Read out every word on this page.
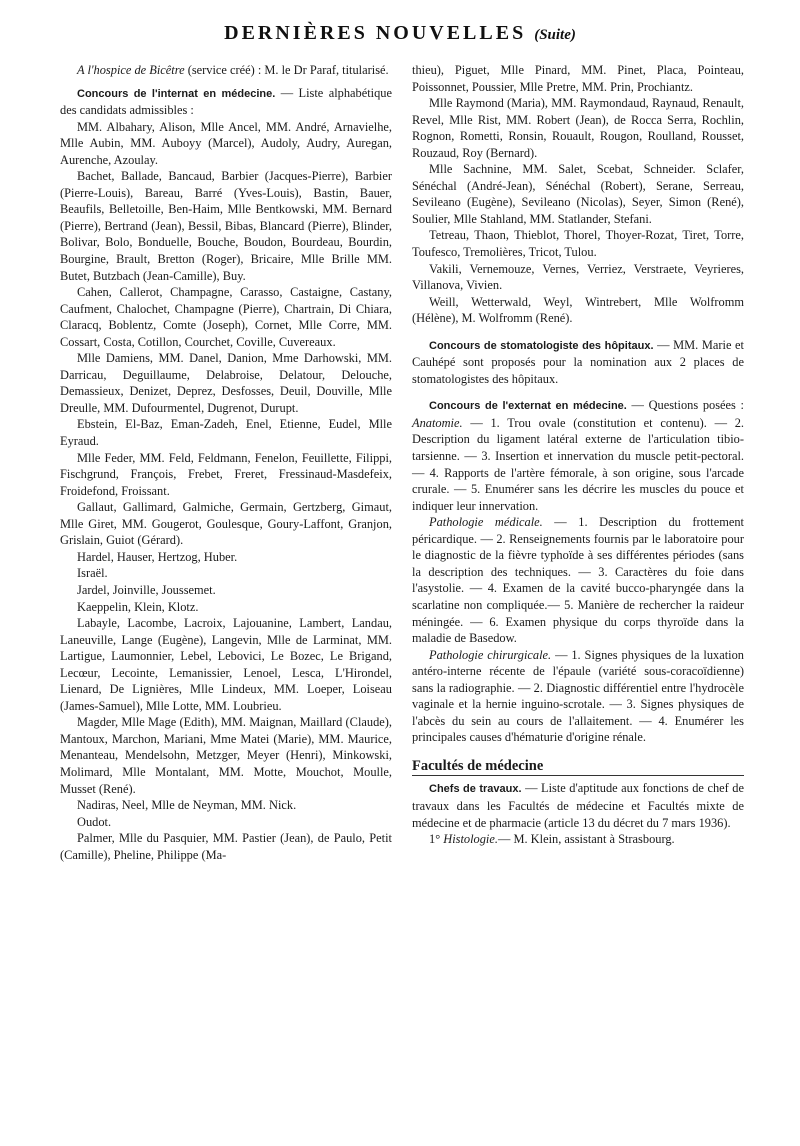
DERNIÈRES NOUVELLES (Suite)

A l'hospice de Bicêtre (service créé) : M. le Dr Paraf, titularisé.

Concours de l'internat en médecine. — Liste alphabétique des candidats admissibles :

MM. Albahary, Alison, Mlle Ancel, MM. André, Arnavielhe, Mlle Aubin, MM. Auboуy (Marcel), Audoly, Audry, Auregan, Aurenche, Azoulay.

Bachet, Ballade, Bancaud, Barbier (Jacques-Pierre), Barbier (Pierre-Louis), Bareau, Barré (Yves-Louis), Bastin, Bauer, Beaufils, Belletoille, Ben-Haim, Mlle Bentkowski, MM. Bernard (Pierre), Bertrand (Jean), Bessil, Bibas, Blancard (Pierre), Blinder, Bolivar, Bolo, Bonduelle, Bouche, Boudon, Bourdeau, Bourdin, Bourgine, Brault, Bretton (Roger), Bricaire, Mlle Brille MM. Butet, Butzbach (Jean-Camille), Buy.

Cahen, Callerot, Champagne, Carasso, Castaigne, Castany, Caufment, Chalochet, Champagne (Pierre), Chartrain, Di Chiara, Claracq, Boblentz, Comte (Joseph), Cornet, Mlle Corre, MM. Cossart, Costa, Cotillon, Courchet, Coville, Cuvereaux.

Mlle Damiens, MM. Danel, Danion, Mme Darhowski, MM. Darricau, Deguillaume, Delabroise, Delatour, Delouche, Demassieux, Denizet, Deprez, Desfosses, Deuil, Douville, Mlle Dreulle, MM. Dufourmentel, Dugrenot, Durupt.

Ebstein, El-Baz, Eman-Zadeh, Enel, Etienne, Eudel, Mlle Eyraud.

Mlle Feder, MM. Feld, Feldmann, Fenelon, Feuillette, Filippi, Fischgrund, François, Frebet, Freret, Fressinaud-Masdefeix, Froidefond, Froissant.

Gallaut, Gallimard, Galmiche, Germain, Gertzberg, Gimaut, Mlle Giret, MM. Gougerot, Goulesque, Goury-Laffont, Granjon, Grislain, Guiot (Gérard).

Hardel, Hauser, Hertzog, Huber.

Israël.

Jardel, Joinville, Joussemet.

Kaeppelin, Klein, Klotz.

Labayle, Lacombe, Lacroix, Lajouanine, Lambert, Landau, Laneuville, Lange (Eugène), Langevin, Mlle de Larminat, MM. Lartigue, Laumonnier, Lebel, Lebovici, Le Bozec, Le Brigand, Lecœur, Lecointe, Lemanissier, Lenoel, Lesca, L'Hirondel, Lienard, De Lignières, Mlle Lindeux, MM. Loeper, Loiseau (James-Samuel), Mlle Lotte, MM. Loubrieu.

Magder, Mlle Mage (Edith), MM. Maignan, Maillard (Claude), Mantoux, Marchon, Mariani, Mme Matei (Marie), MM. Maurice, Menanteau, Mendelsohn, Metzger, Meyer (Henri), Minkowski, Molimard, Mlle Montalant, MM. Motte, Mouchot, Moulle, Musset (René).

Nadiras, Neel, Mlle de Neyman, MM. Nick.

Oudot.

Palmer, Mlle du Pasquier, MM. Pastier (Jean), de Paulo, Petit (Camille), Pheline, Philippe (Ma-

thieu), Piguet, Mlle Pinard, MM. Pinet, Placa, Pointeau, Poissonnet, Poussier, Mlle Pretre, MM. Prin, Prochiantz.

Mlle Raymond (Maria), MM. Raymondaud, Raynaud, Renault, Revel, Mlle Rist, MM. Robert (Jean), de Rocca Serra, Rochlin, Rognon, Rometti, Ronsin, Rouault, Rougon, Roulland, Rousset, Rouzaud, Roy (Bernard).

Mlle Sachnine, MM. Salet, Scebat, Schneider. Sclafer, Sénéchal (André-Jean), Sénéchal (Robert), Serane, Serreau, Sevileano (Eugène), Sevileano (Nicolas), Seyer, Simon (René), Soulier, Mlle Stahland, MM. Statlander, Stefani.

Tetreau, Thaon, Thieblot, Thorel, Thoyer-Rozat, Tiret, Torre, Toufesco, Tremolières, Tricot, Tulou.

Vakili, Vernemouze, Vernes, Verriez, Verstraete, Veyrieres, Villanova, Vivien.

Weill, Wetterwald, Weyl, Wintrebert, Mlle Wolfromm (Hélène), M. Wolfromm (René).

Concours de stomatologiste des hôpitaux. — MM. Marie et Cauhépé sont proposés pour la nomination aux 2 places de stomatologistes des hôpitaux.

Concours de l'externat en médecine. — Questions posées : Anatomie. — 1. Trou ovale (constitution et contenu). — 2. Description du ligament latéral externe de l'articulation tibio-tarsienne. — 3. Insertion et innervation du muscle petit-pectoral. — 4. Rapports de l'artère fémorale, à son origine, sous l'arcade crurale. — 5. Enumérer sans les décrire les muscles du pouce et indiquer leur innervation.

Pathologie médicale. — 1. Description du frottement péricardique. — 2. Renseignements fournis par le laboratoire pour le diagnostic de la fièvre typhoïde à ses différentes périodes (sans la description des techniques. — 3. Caractères du foie dans l'asystolie. — 4. Examen de la cavité bucco-pharyngée dans la scarlatine non compliquée.— 5. Manière de rechercher la raideur méningée. — 6. Examen physique du corps thyroïde dans la maladie de Basedow.

Pathologie chirurgicale. — 1. Signes physiques de la luxation antéro-interne récente de l'épaule (variété sous-coracoïdienne) sans la radiographie. — 2. Diagnostic différentiel entre l'hydrocèle vaginale et la hernie inguino-scrotale. — 3. Signes physiques de l'abcès du sein au cours de l'allaitement. — 4. Enumérer les principales causes d'hématurie d'origine rénale.

Facultés de médecine

Chefs de travaux. — Liste d'aptitude aux fonctions de chef de travaux dans les Facultés de médecine et Facultés mixte de médecine et de pharmacie (article 13 du décret du 7 mars 1936).

1° Histologie.— M. Klein, assistant à Strasbourg.
